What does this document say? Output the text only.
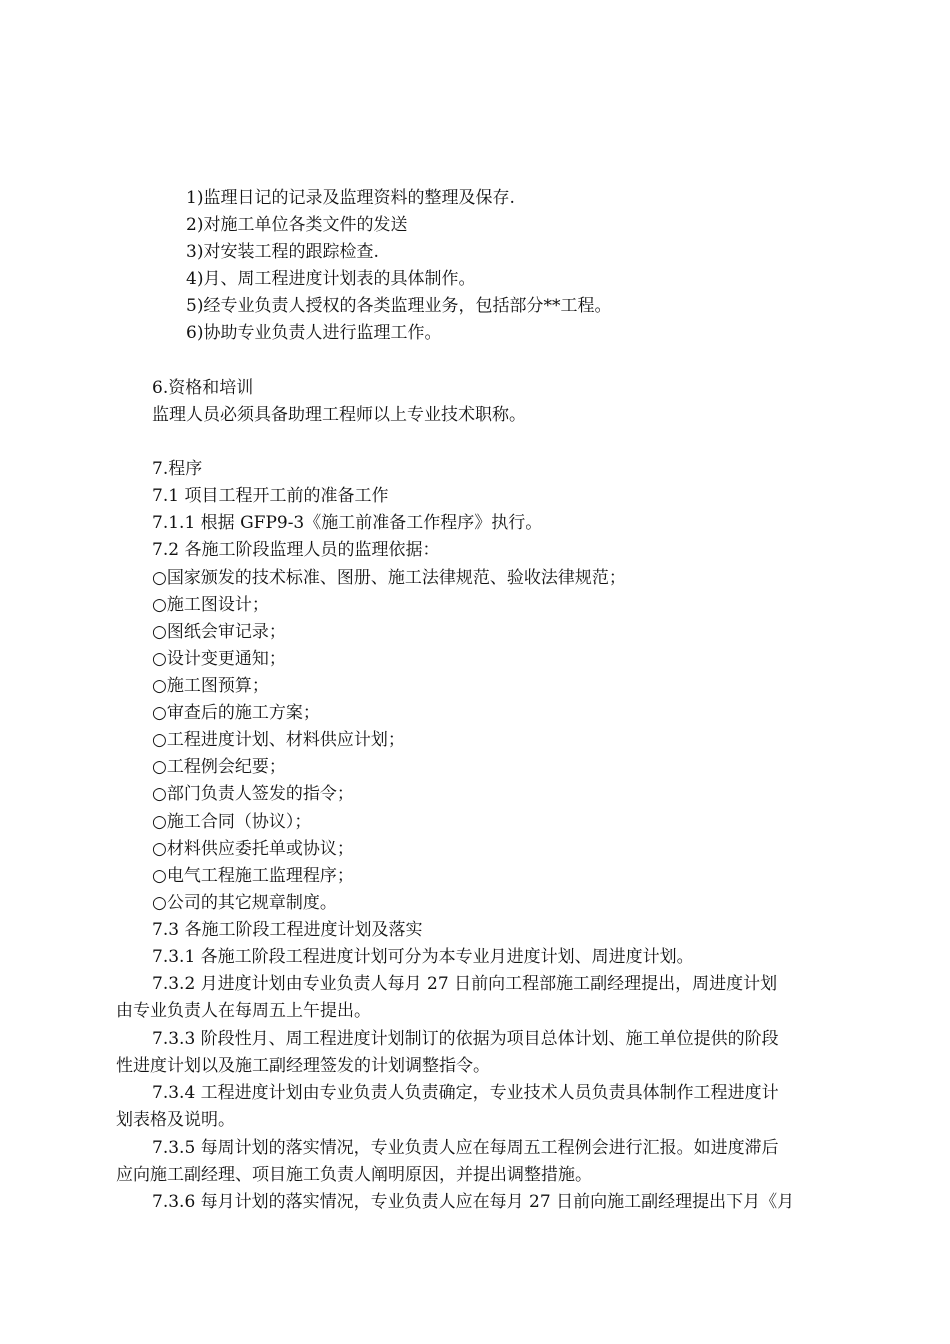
1)监理日记的记录及监理资料的整理及保存.
2)对施工单位各类文件的发送
3)对安装工程的跟踪检查.
4)月、周工程进度计划表的具体制作。
5)经专业负责人授权的各类监理业务，包括部分**工程。
6)协助专业负责人进行监理工作。
6.资格和培训
监理人员必须具备助理工程师以上专业技术职称。
7.程序
7.1 项目工程开工前的准备工作
7.1.1 根据 GFP9-3《施工前准备工作程序》执行。
7.2 各施工阶段监理人员的监理依据：
○国家颁发的技术标准、图册、施工法律规范、验收法律规范；
○施工图设计；
○图纸会审记录；
○设计变更通知；
○施工图预算；
○审查后的施工方案；
○工程进度计划、材料供应计划；
○工程例会纪要；
○部门负责人签发的指令；
○施工合同（协议）；
○材料供应委托单或协议；
○电气工程施工监理程序；
○公司的其它规章制度。
7.3 各施工阶段工程进度计划及落实
7.3.1 各施工阶段工程进度计划可分为本专业月进度计划、周进度计划。
7.3.2 月进度计划由专业负责人每月 27 日前向工程部施工副经理提出，周进度计划
由专业负责人在每周五上午提出。
7.3.3 阶段性月、周工程进度计划制订的依据为项目总体计划、施工单位提供的阶段
性进度计划以及施工副经理签发的计划调整指令。
7.3.4 工程进度计划由专业负责人负责确定，专业技术人员负责具体制作工程进度计
划表格及说明。
7.3.5 每周计划的落实情况，专业负责人应在每周五工程例会进行汇报。如进度滞后
应向施工副经理、项目施工负责人阐明原因，并提出调整措施。
7.3.6 每月计划的落实情况，专业负责人应在每月 27 日前向施工副经理提出下月《月
